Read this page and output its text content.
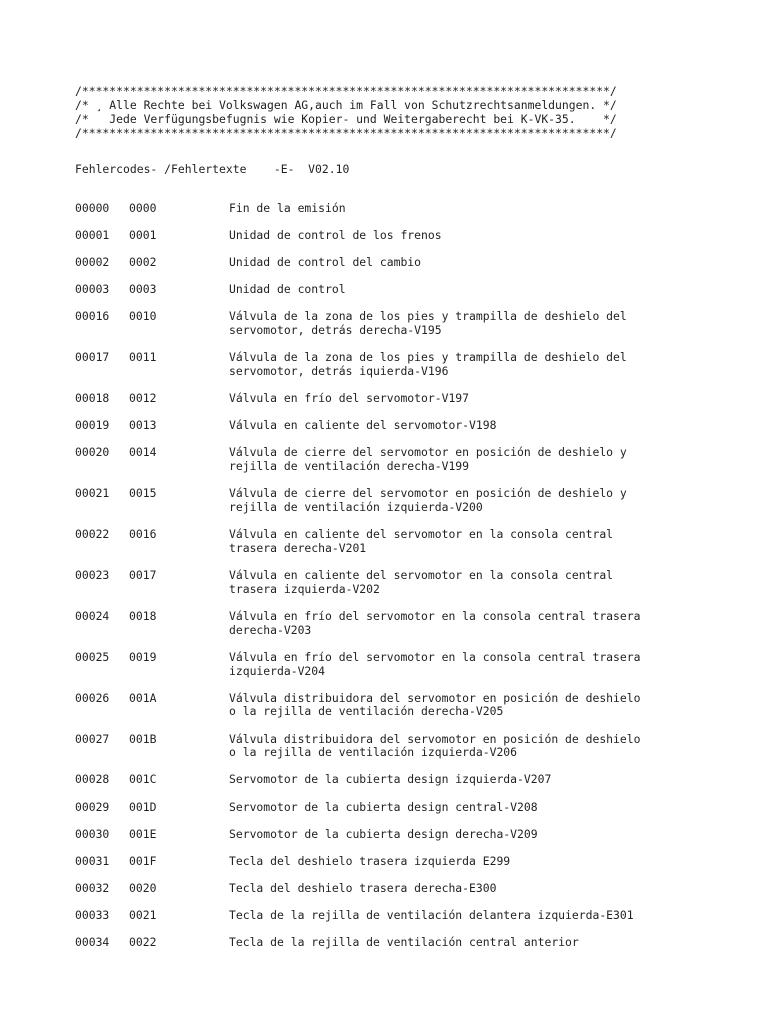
/*****************************************************************************/
/* ¸ Alle Rechte bei Volkswagen AG,auch im Fall von Schutzrechtsanmeldungen. */
/*   Jede Verfügungsbefugnis wie Kopier- und Weitergaberecht bei K-VK-35.    */
/*****************************************************************************/
Fehlercodes- /Fehlertexte    -E-  V02.10
00000	0000	Fin de la emisión
00001	0001	Unidad de control de los frenos
00002	0002	Unidad de control del cambio
00003	0003	Unidad de control
00016	0010	Válvula de la zona de los pies y trampilla de deshielo del
servomotor, detrás derecha-V195
00017	0011	Válvula de la zona de los pies y trampilla de deshielo del
servomotor, detrás iquierda-V196
00018	0012	Válvula en frío del servomotor-V197
00019	0013	Válvula en caliente del servomotor-V198
00020	0014	Válvula de cierre del servomotor en posición de deshielo y
rejilla de ventilación derecha-V199
00021	0015	Válvula de cierre del servomotor en posición de deshielo y
rejilla de ventilación izquierda-V200
00022	0016	Válvula en caliente del servomotor en la consola central
trasera derecha-V201
00023	0017	Válvula en caliente del servomotor en la consola central
trasera izquierda-V202
00024	0018	Válvula en frío del servomotor en la consola central trasera
derecha-V203
00025	0019	Válvula en frío del servomotor en la consola central trasera
izquierda-V204
00026	001A	Válvula distribuidora del servomotor en posición de deshielo
o la rejilla de ventilación derecha-V205
00027	001B	Válvula distribuidora del servomotor en posición de deshielo
o la rejilla de ventilación izquierda-V206
00028	001C	Servomotor de la cubierta design izquierda-V207
00029	001D	Servomotor de la cubierta design central-V208
00030	001E	Servomotor de la cubierta design derecha-V209
00031	001F	Tecla del deshielo trasera izquierda E299
00032	0020	Tecla del deshielo trasera derecha-E300
00033	0021	Tecla de la rejilla de ventilación delantera izquierda-E301
00034	0022	Tecla de la rejilla de ventilación central anterior
